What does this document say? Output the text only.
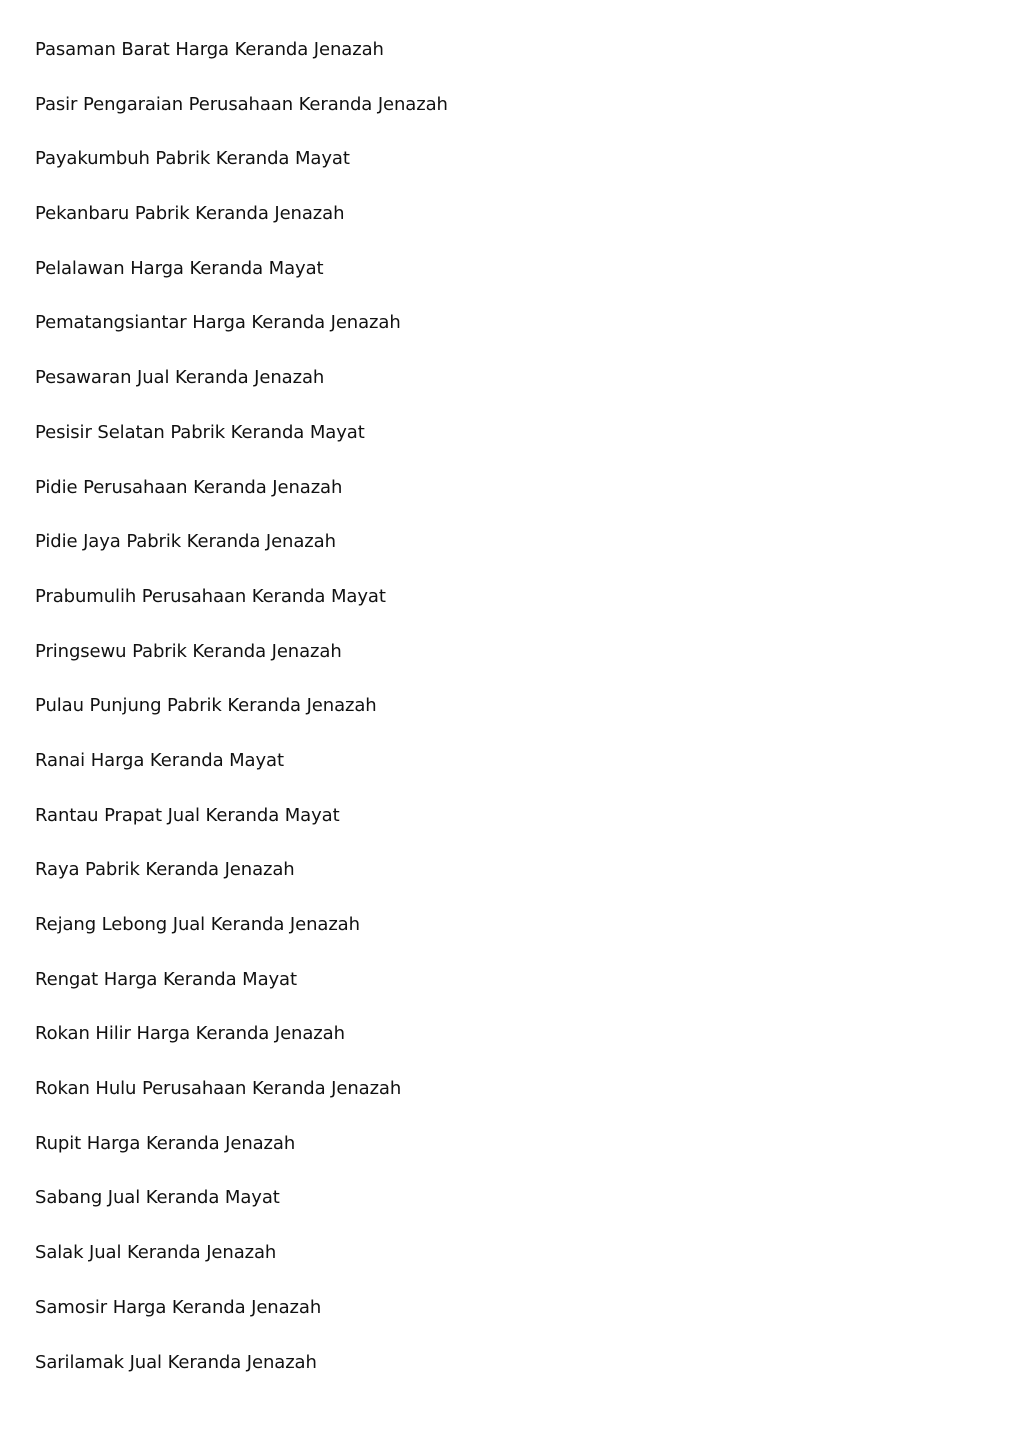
Pasaman Barat Harga Keranda Jenazah
Pasir Pengaraian Perusahaan Keranda Jenazah
Payakumbuh Pabrik Keranda Mayat
Pekanbaru Pabrik Keranda Jenazah
Pelalawan Harga Keranda Mayat
Pematangsiantar Harga Keranda Jenazah
Pesawaran Jual Keranda Jenazah
Pesisir Selatan Pabrik Keranda Mayat
Pidie Perusahaan Keranda Jenazah
Pidie Jaya Pabrik Keranda Jenazah
Prabumulih Perusahaan Keranda Mayat
Pringsewu Pabrik Keranda Jenazah
Pulau Punjung Pabrik Keranda Jenazah
Ranai Harga Keranda Mayat
Rantau Prapat Jual Keranda Mayat
Raya Pabrik Keranda Jenazah
Rejang Lebong Jual Keranda Jenazah
Rengat Harga Keranda Mayat
Rokan Hilir Harga Keranda Jenazah
Rokan Hulu Perusahaan Keranda Jenazah
Rupit Harga Keranda Jenazah
Sabang Jual Keranda Mayat
Salak Jual Keranda Jenazah
Samosir Harga Keranda Jenazah
Sarilamak Jual Keranda Jenazah
